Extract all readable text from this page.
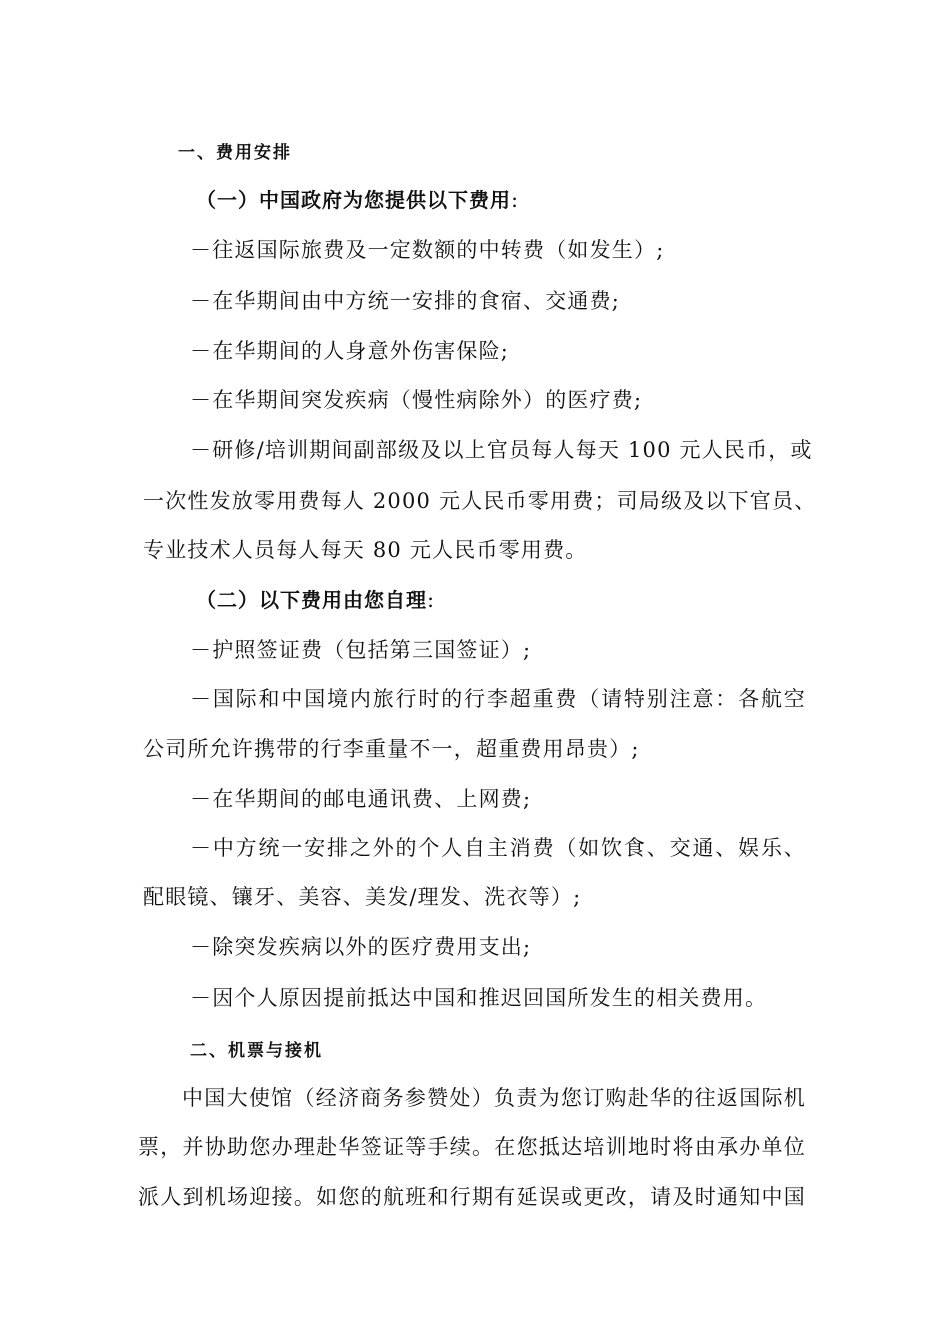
一、费用安排
（一）中国政府为您提供以下费用:
－往返国际旅费及一定数额的中转费（如发生）;
－在华期间由中方统一安排的食宿、交通费;
－在华期间的人身意外伤害保险;
－在华期间突发疾病（慢性病除外）的医疗费;
－研修/培训期间副部级及以上官员每人每天 100 元人民币，或
一次性发放零用费每人 2000 元人民币零用费；司局级及以下官员、
专业技术人员每人每天 80 元人民币零用费。
（二）以下费用由您自理:
－护照签证费（包括第三国签证）;
－国际和中国境内旅行时的行李超重费（请特别注意：各航空
公司所允许携带的行李重量不一，超重费用昂贵）;
－在华期间的邮电通讯费、上网费;
－中方统一安排之外的个人自主消费（如饮食、交通、娱乐、
配眼镜、镶牙、美容、美发/理发、洗衣等）;
－除突发疾病以外的医疗费用支出;
－因个人原因提前抵达中国和推迟回国所发生的相关费用。
二、机票与接机
中国大使馆（经济商务参赞处）负责为您订购赴华的往返国际机
票，并协助您办理赴华签证等手续。在您抵达培训地时将由承办单位
派人到机场迎接。如您的航班和行期有延误或更改，请及时通知中国
